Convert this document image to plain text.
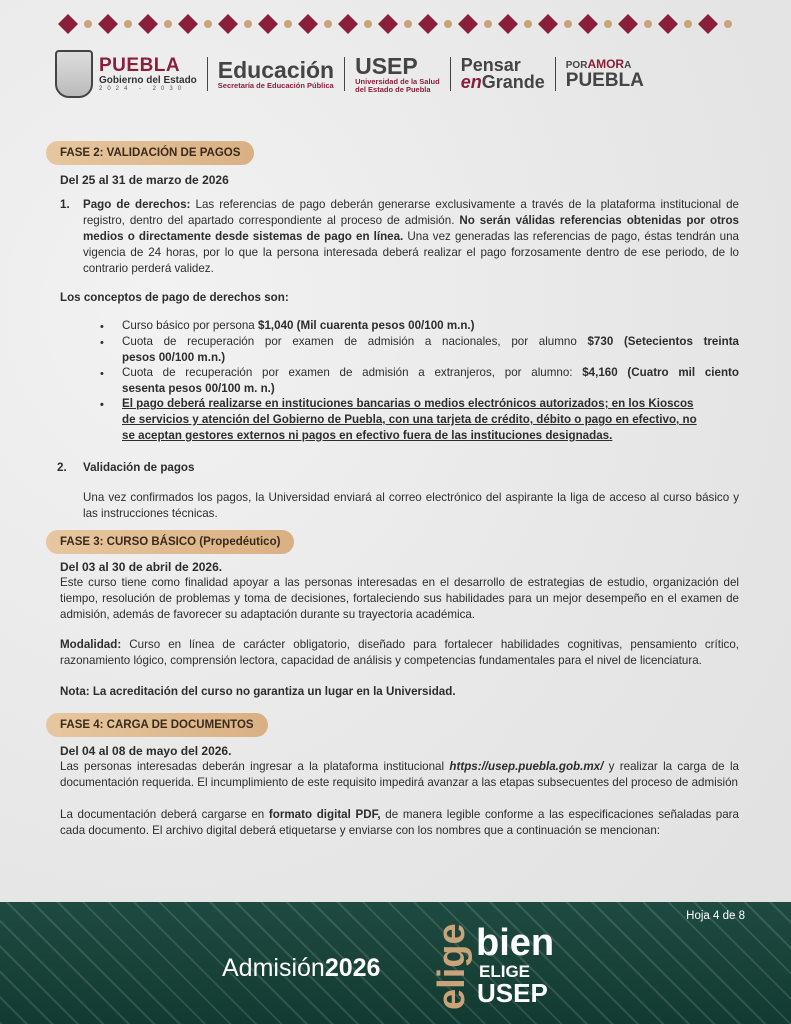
PUEBLA
Gobierno del Estado
2024 - 2030
Educación
Secretaría de Educación Pública
USEP
Universidad de la Salud
del Estado de Puebla
Pensar
enGrande
PORAMORA
PUEBLA
FASE 2: VALIDACIÓN DE PAGOS
Del 25 al 31 de marzo de 2026
1. Pago de derechos: Las referencias de pago deberán generarse exclusivamente a través de la plataforma institucional de registro, dentro del apartado correspondiente al proceso de admisión. No serán válidas referencias obtenidas por otros medios o directamente desde sistemas de pago en línea. Una vez generadas las referencias de pago, éstas tendrán una vigencia de 24 horas, por lo que la persona interesada deberá realizar el pago forzosamente dentro de ese periodo, de lo contrario perderá validez.
Los conceptos de pago de derechos son:
• Curso básico por persona $1,040 (Mil cuarenta pesos 00/100 m.n.)
• Cuota de recuperación por examen de admisión a nacionales, por alumno $730 (Setecientos treinta
pesos 00/100 m.n.)
• Cuota de recuperación por examen de admisión a extranjeros, por alumno: $4,160 (Cuatro mil ciento
sesenta pesos 00/100 m. n.)
• El pago deberá realizarse en instituciones bancarias o medios electrónicos autorizados; en los Kioscos
de servicios y atención del Gobierno de Puebla, con una tarjeta de crédito, débito o pago en efectivo, no
se aceptan gestores externos ni pagos en efectivo fuera de las instituciones designadas.
2. Validación de pagos
Una vez confirmados los pagos, la Universidad enviará al correo electrónico del aspirante la liga de acceso al curso básico y las instrucciones técnicas.
FASE 3: CURSO BÁSICO (Propedéutico)
Del 03 al 30 de abril de 2026.
Este curso tiene como finalidad apoyar a las personas interesadas en el desarrollo de estrategias de estudio, organización del tiempo, resolución de problemas y toma de decisiones, fortaleciendo sus habilidades para un mejor desempeño en el examen de admisión, además de favorecer su adaptación durante su trayectoria académica.
Modalidad: Curso en línea de carácter obligatorio, diseñado para fortalecer habilidades cognitivas, pensamiento crítico, razonamiento lógico, comprensión lectora, capacidad de análisis y competencias fundamentales para el nivel de licenciatura.
Nota: La acreditación del curso no garantiza un lugar en la Universidad.
FASE 4: CARGA DE DOCUMENTOS
Del 04 al 08 de mayo del 2026.
Las personas interesadas deberán ingresar a la plataforma institucional https://usep.puebla.gob.mx/ y realizar la carga de la documentación requerida. El incumplimiento de este requisito impedirá avanzar a las etapas subsecuentes del proceso de admisión
La documentación deberá cargarse en formato digital PDF, de manera legible conforme a las especificaciones señaladas para cada documento. El archivo digital deberá etiquetarse y enviarse con los nombres que a continuación se mencionan:
Hoja 4 de 8
Admisión2026 elige bien
ELIGE
USEP
